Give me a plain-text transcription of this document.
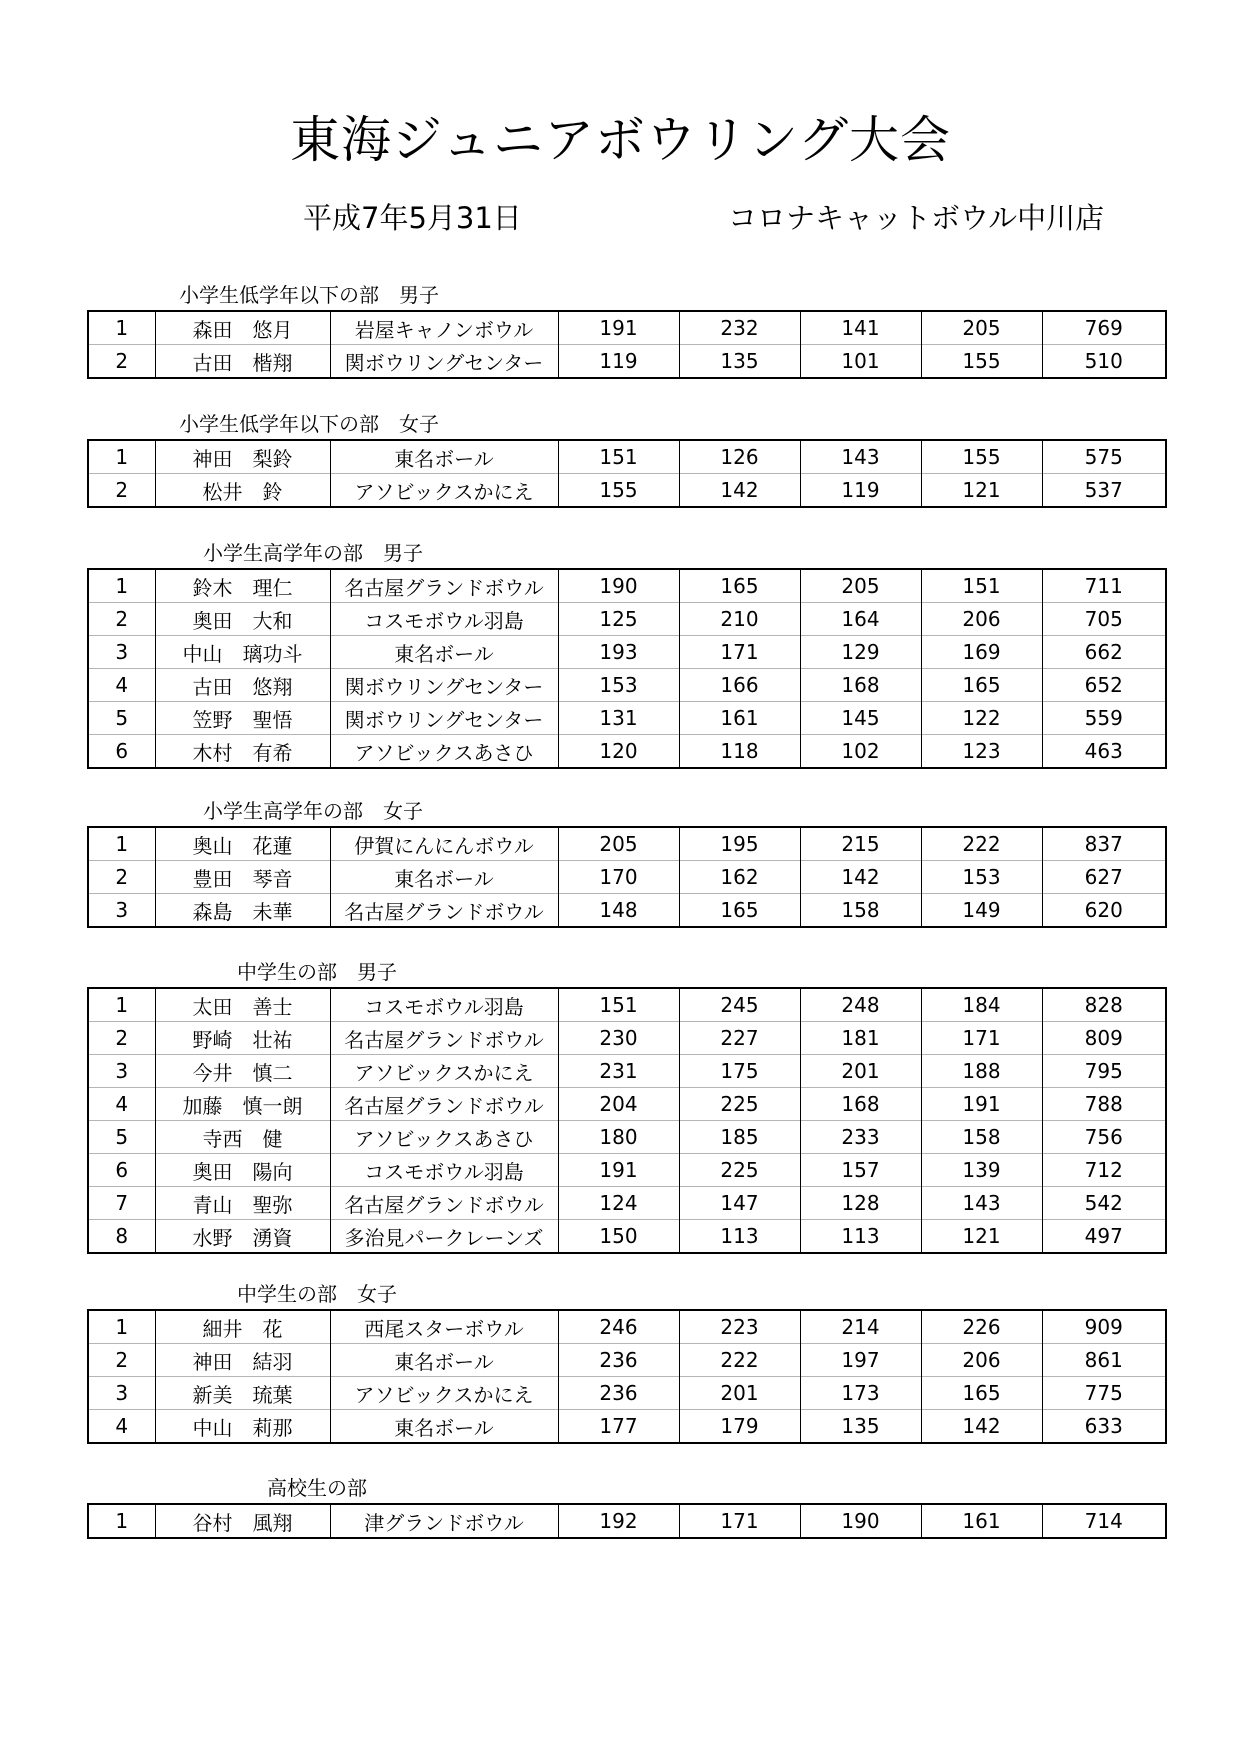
東海ジュニアボウリング大会
平成7年5月31日	コロナキャットボウル中川店
小学生低学年以下の部　男子
1	森田　悠月	岩屋キャノンボウル	191	232	141	205	769
2	古田　楷翔	関ボウリングセンター	119	135	101	155	510
小学生低学年以下の部　女子
1	神田　梨鈴	東名ボール	151	126	143	155	575
2	松井　鈴	アソビックスかにえ	155	142	119	121	537
小学生高学年の部　男子
1	鈴木　理仁	名古屋グランドボウル	190	165	205	151	711
2	奥田　大和	コスモボウル羽島	125	210	164	206	705
3	中山　璃功斗	東名ボール	193	171	129	169	662
4	古田　悠翔	関ボウリングセンター	153	166	168	165	652
5	笠野　聖悟	関ボウリングセンター	131	161	145	122	559
6	木村　有希	アソビックスあさひ	120	118	102	123	463
小学生高学年の部　女子
1	奥山　花蓮	伊賀にんにんボウル	205	195	215	222	837
2	豊田　琴音	東名ボール	170	162	142	153	627
3	森島　未華	名古屋グランドボウル	148	165	158	149	620
中学生の部　男子
1	太田　善士	コスモボウル羽島	151	245	248	184	828
2	野崎　壮祐	名古屋グランドボウル	230	227	181	171	809
3	今井　慎二	アソビックスかにえ	231	175	201	188	795
4	加藤　慎一朗	名古屋グランドボウル	204	225	168	191	788
5	寺西　健	アソビックスあさひ	180	185	233	158	756
6	奥田　陽向	コスモボウル羽島	191	225	157	139	712
7	青山　聖弥	名古屋グランドボウル	124	147	128	143	542
8	水野　湧資	多治見パークレーンズ	150	113	113	121	497
中学生の部　女子
1	細井　花	西尾スターボウル	246	223	214	226	909
2	神田　結羽	東名ボール	236	222	197	206	861
3	新美　琉葉	アソビックスかにえ	236	201	173	165	775
4	中山　莉那	東名ボール	177	179	135	142	633
高校生の部
1	谷村　風翔	津グランドボウル	192	171	190	161	714
